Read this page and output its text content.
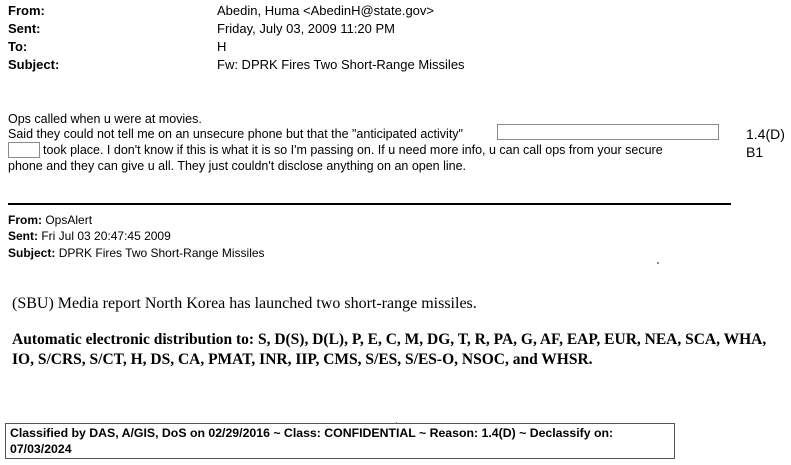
From:	Abedin, Huma <AbedinH@state.gov>
Sent:	Friday, July 03, 2009 11:20 PM
To:	H
Subject:	Fw: DPRK Fires Two Short-Range Missiles
Ops called when u were at movies.
Said they could not tell me on an unsecure phone but that the "anticipated activity"	1.4(D)
took place. I don't know if this is what it is so I'm passing on. If u need more info, u can call ops from your secure	B1
phone and they can give u all. They just couldn't disclose anything on an open line.
From: OpsAlert
Sent: Fri Jul 03 20:47:45 2009
Subject: DPRK Fires Two Short-Range Missiles
(SBU) Media report North Korea has launched two short-range missiles.
Automatic electronic distribution to: S, D(S), D(L), P, E, C, M, DG, T, R, PA, G, AF, EAP, EUR, NEA, SCA, WHA, IO, S/CRS, S/CT, H, DS, CA, PMAT, INR, IIP, CMS, S/ES, S/ES-O, NSOC, and WHSR.
Classified by DAS, A/GIS, DoS on 02/29/2016 ~ Class: CONFIDENTIAL ~ Reason: 1.4(D) ~ Declassify on: 07/03/2024
